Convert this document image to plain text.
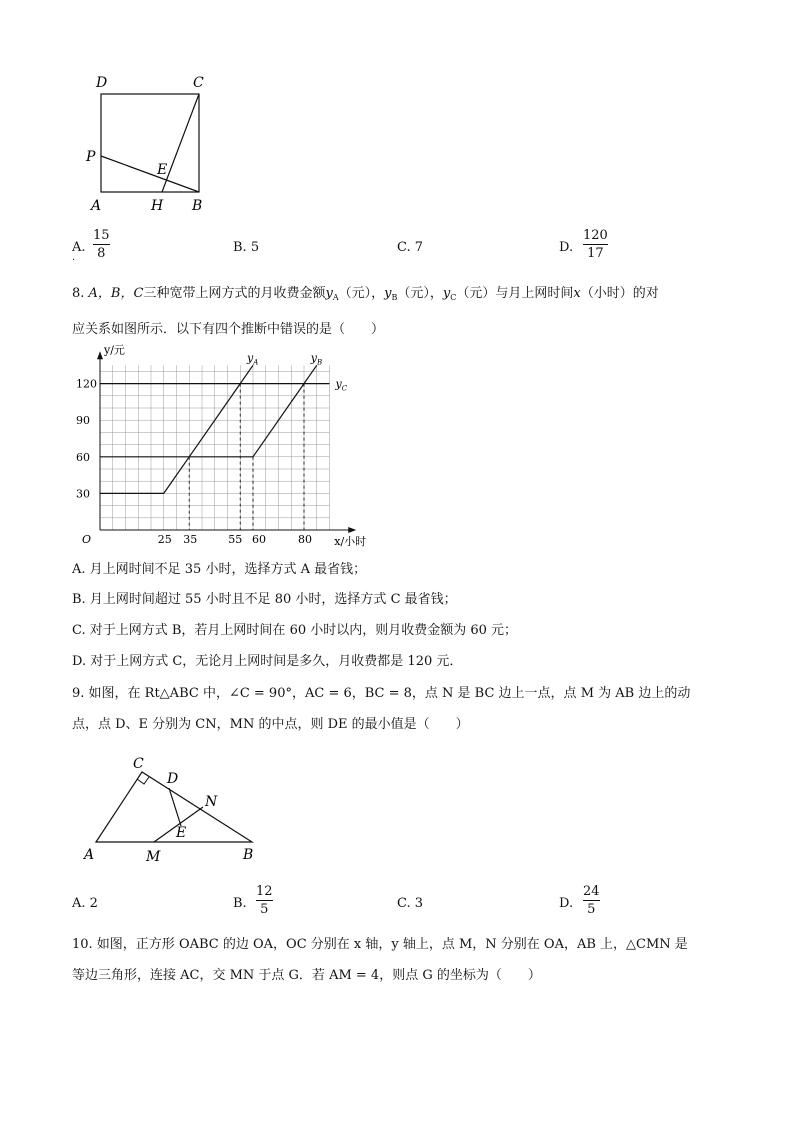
D	C
P
E
A	H B
A.
15
8
.
B. 5	C. 7	D.
120
17
8. A，B，C三种宽带上网方式的月收费金额$y_A$（元），$y_B$（元），$y_C$（元）与月上网时间x（小时）的对
应关系如图所示．以下有四个推断中错误的是（　　）
$y_A$	$y_B$
$y_C$
25 35	55 60	80
30
60
90
120
O
y/元
x/小时
A. 月上网时间不足 35 小时，选择方式 A 最省钱；
B. 月上网时间超过 55 小时且不足 80 小时，选择方式 C 最省钱；
C. 对于上网方式 B，若月上网时间在 60 小时以内，则月收费金额为 60 元；
D. 对于上网方式 C，无论月上网时间是多久，月收费都是 120 元．
9. 如图，在 Rt△ABC 中，∠C = 90°，AC = 6，BC = 8，点 N 是 BC 边上一点，点 M 为 AB 边上的动
点，点 D、E 分别为 CN，MN 的中点，则 DE 的最小值是（　　）
C
D
N
E
A	M	B
A. 2	B.
12
5	C. 3	D.
24
5
10. 如图，正方形 OABC 的边 OA，OC 分别在 x 轴，y 轴上，点 M，N 分别在 OA，AB 上，△CMN 是
等边三角形，连接 AC，交 MN 于点 G．若 AM = 4，则点 G 的坐标为（　　）
